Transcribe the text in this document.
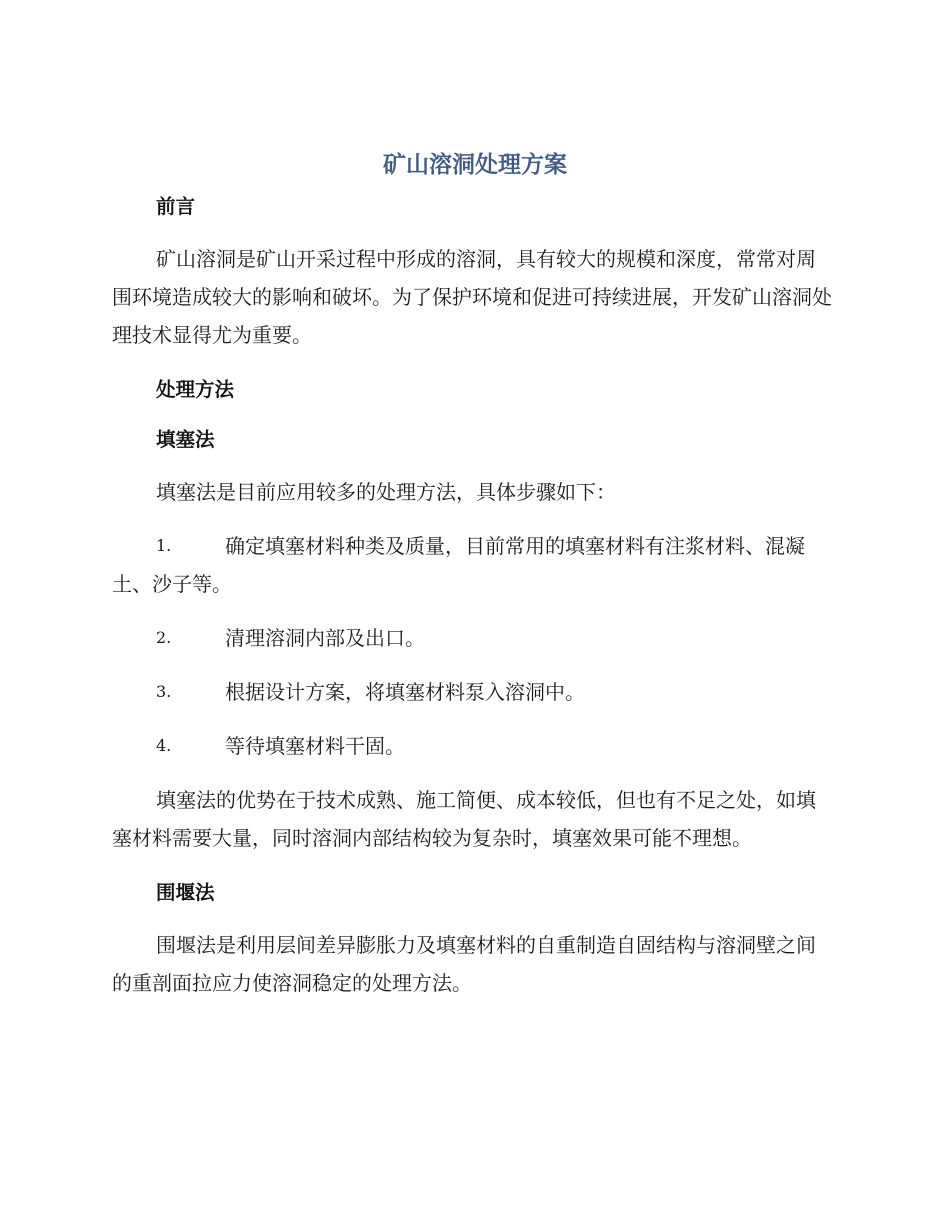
矿山溶洞处理方案
前言

矿山溶洞是矿山开采过程中形成的溶洞，具有较大的规模和深度，常常对周围环境造成较大的影响和破坏。为了保护环境和促进可持续进展，开发矿山溶洞处理技术显得尤为重要。

处理方法
填塞法

填塞法是目前应用较多的处理方法，具体步骤如下：

1.	确定填塞材料种类及质量，目前常用的填塞材料有注浆材料、混凝土、沙子等。

2.	清理溶洞内部及出口。

3.	根据设计方案，将填塞材料泵入溶洞中。

4.	等待填塞材料干固。

填塞法的优势在于技术成熟、施工简便、成本较低，但也有不足之处，如填塞材料需要大量，同时溶洞内部结构较为复杂时，填塞效果可能不理想。

围堰法

围堰法是利用层间差异膨胀力及填塞材料的自重制造自固结构与溶洞壁之间的重剖面拉应力使溶洞稳定的处理方法。
